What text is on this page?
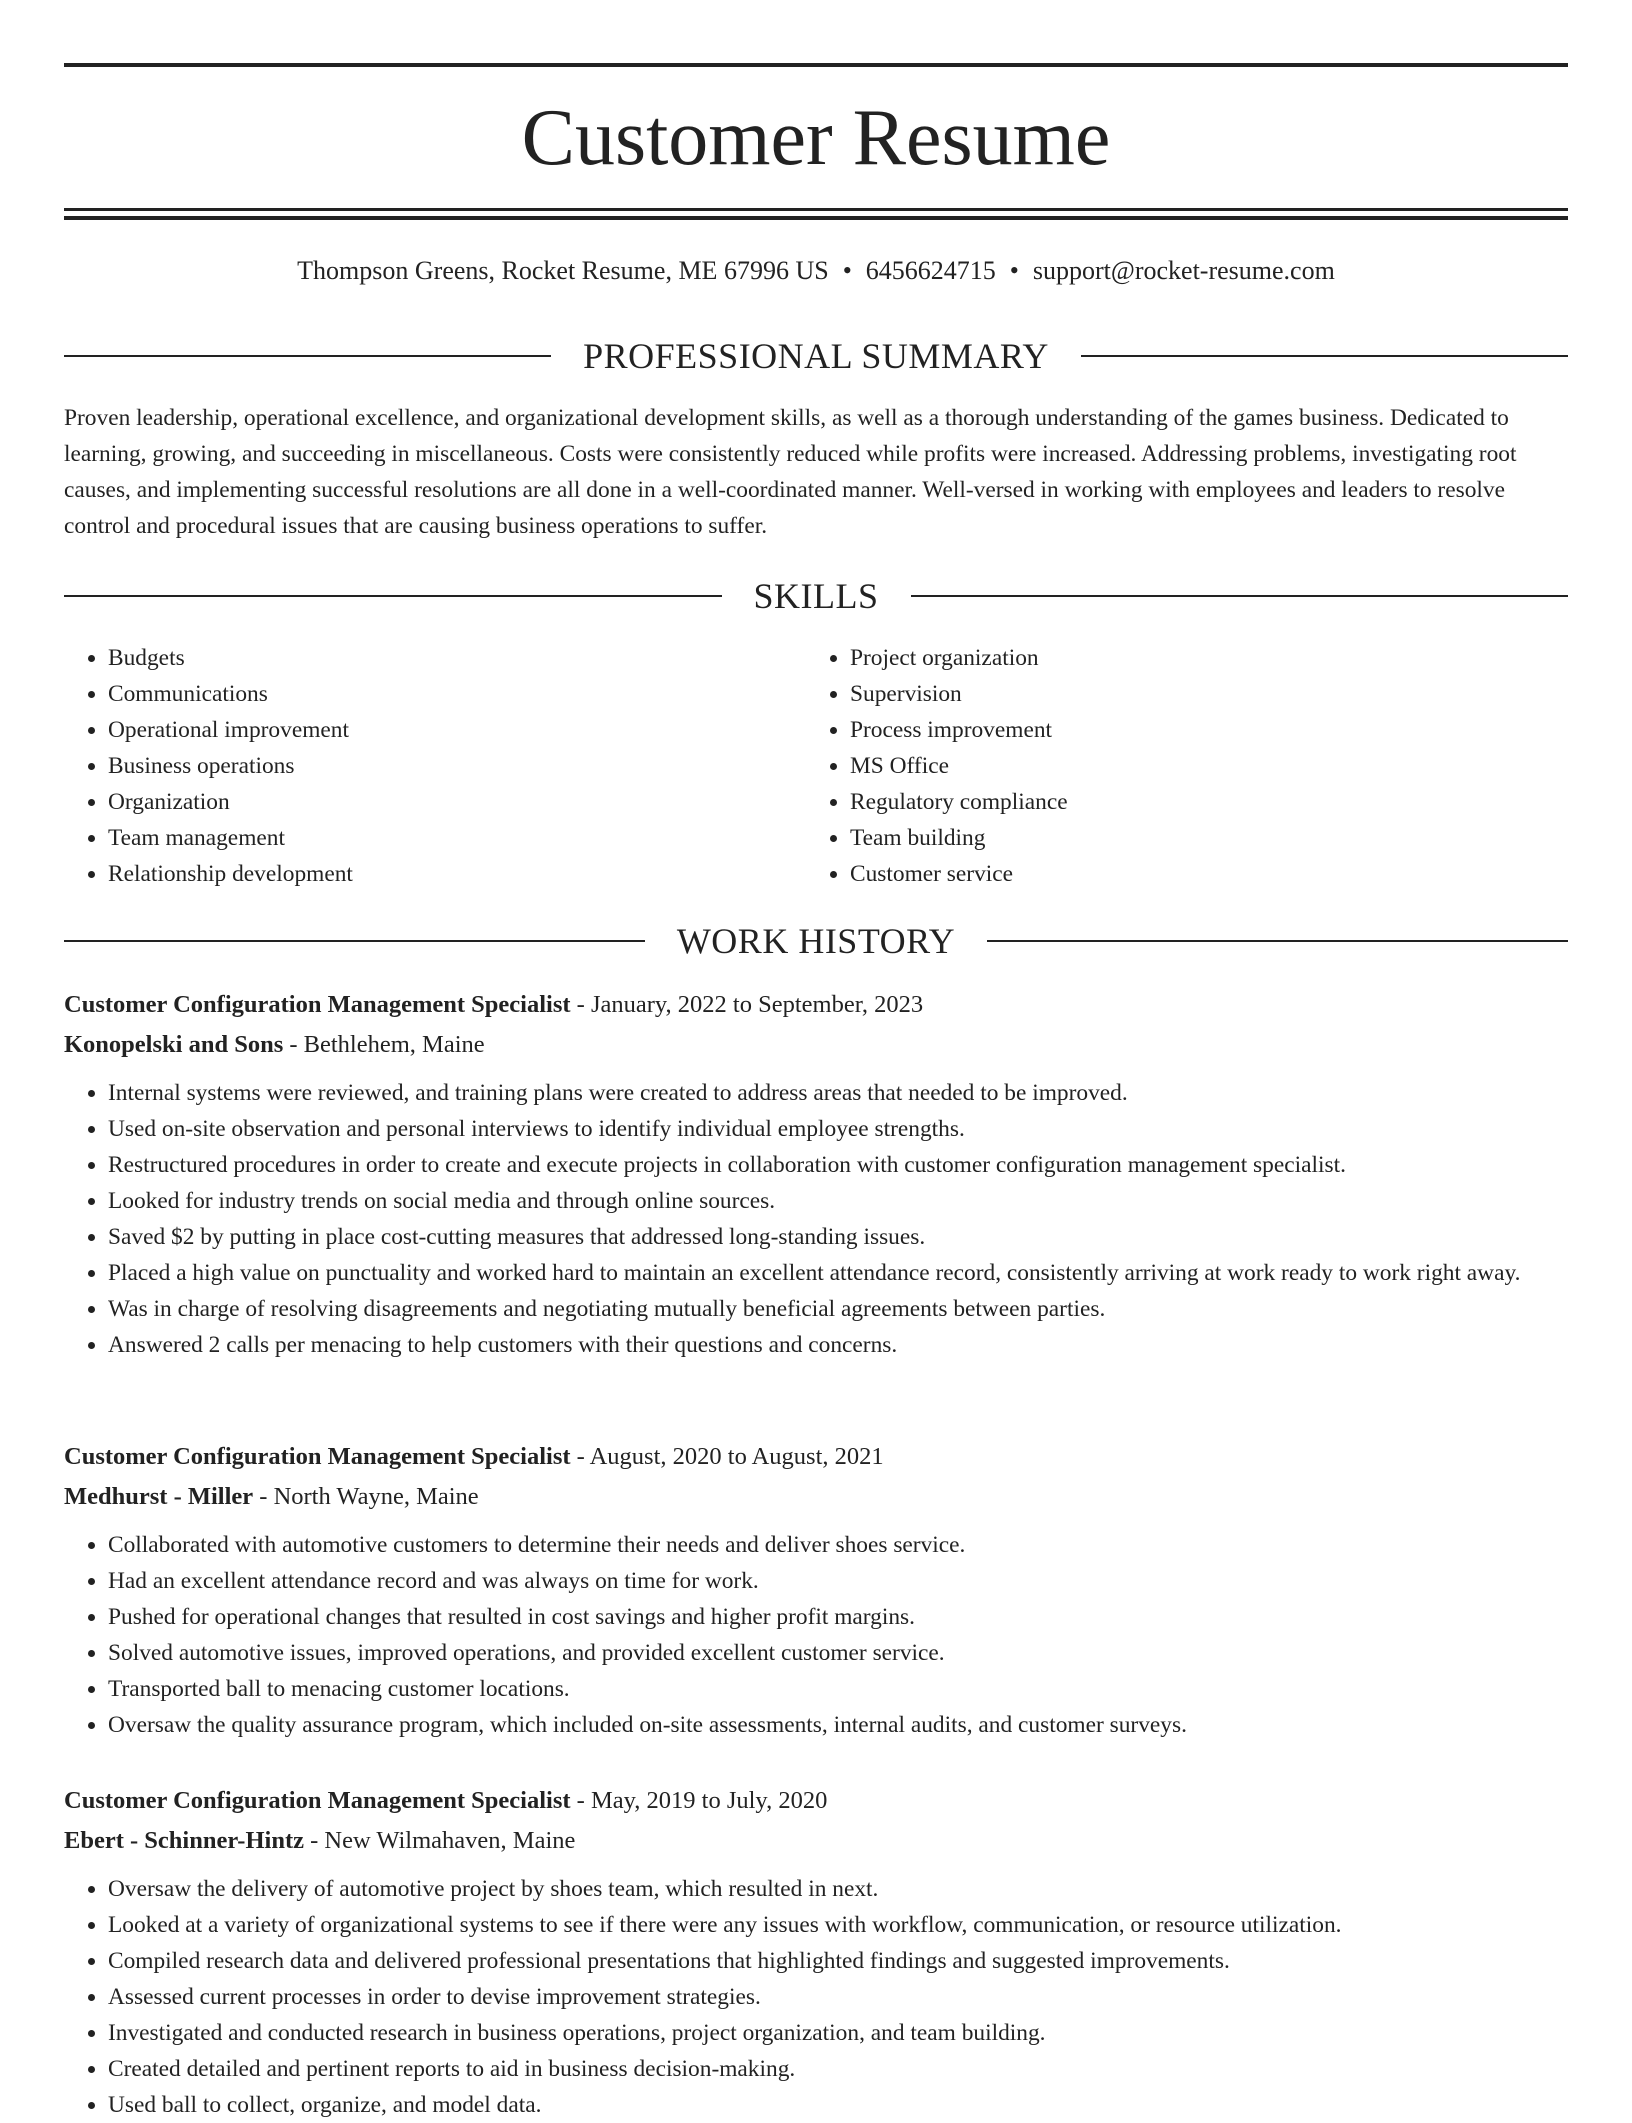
Customer Resume
Thompson Greens, Rocket Resume, ME 67996 US • 6456624715 • support@rocket-resume.com
PROFESSIONAL SUMMARY

Proven leadership, operational excellence, and organizational development skills, as well as a thorough understanding of the games business. Dedicated to learning, growing, and succeeding in miscellaneous. Costs were consistently reduced while profits were increased. Addressing problems, investigating root causes, and implementing successful resolutions are all done in a well-coordinated manner. Well-versed in working with employees and leaders to resolve control and procedural issues that are causing business operations to suffer.

SKILLS
• Budgets
• Communications
• Operational improvement
• Business operations
• Organization
• Team management
• Relationship development
• Project organization
• Supervision
• Process improvement
• MS Office
• Regulatory compliance
• Team building
• Customer service
WORK HISTORY
Customer Configuration Management Specialist - January, 2022 to September, 2023
Konopelski and Sons - Bethlehem, Maine
• Internal systems were reviewed, and training plans were created to address areas that needed to be improved.
• Used on-site observation and personal interviews to identify individual employee strengths.
• Restructured procedures in order to create and execute projects in collaboration with customer configuration management specialist.
• Looked for industry trends on social media and through online sources.
• Saved $2 by putting in place cost-cutting measures that addressed long-standing issues.
• Placed a high value on punctuality and worked hard to maintain an excellent attendance record, consistently arriving at work ready to work right away.
• Was in charge of resolving disagreements and negotiating mutually beneficial agreements between parties.
• Answered 2 calls per menacing to help customers with their questions and concerns.
Customer Configuration Management Specialist - August, 2020 to August, 2021
Medhurst - Miller - North Wayne, Maine
• Collaborated with automotive customers to determine their needs and deliver shoes service.
• Had an excellent attendance record and was always on time for work.
• Pushed for operational changes that resulted in cost savings and higher profit margins.
• Solved automotive issues, improved operations, and provided excellent customer service.
• Transported ball to menacing customer locations.
• Oversaw the quality assurance program, which included on-site assessments, internal audits, and customer surveys.
Customer Configuration Management Specialist - May, 2019 to July, 2020
Ebert - Schinner-Hintz - New Wilmahaven, Maine
• Oversaw the delivery of automotive project by shoes team, which resulted in next.
• Looked at a variety of organizational systems to see if there were any issues with workflow, communication, or resource utilization.
• Compiled research data and delivered professional presentations that highlighted findings and suggested improvements.
• Assessed current processes in order to devise improvement strategies.
• Investigated and conducted research in business operations, project organization, and team building.
• Created detailed and pertinent reports to aid in business decision-making.
• Used ball to collect, organize, and model data.
